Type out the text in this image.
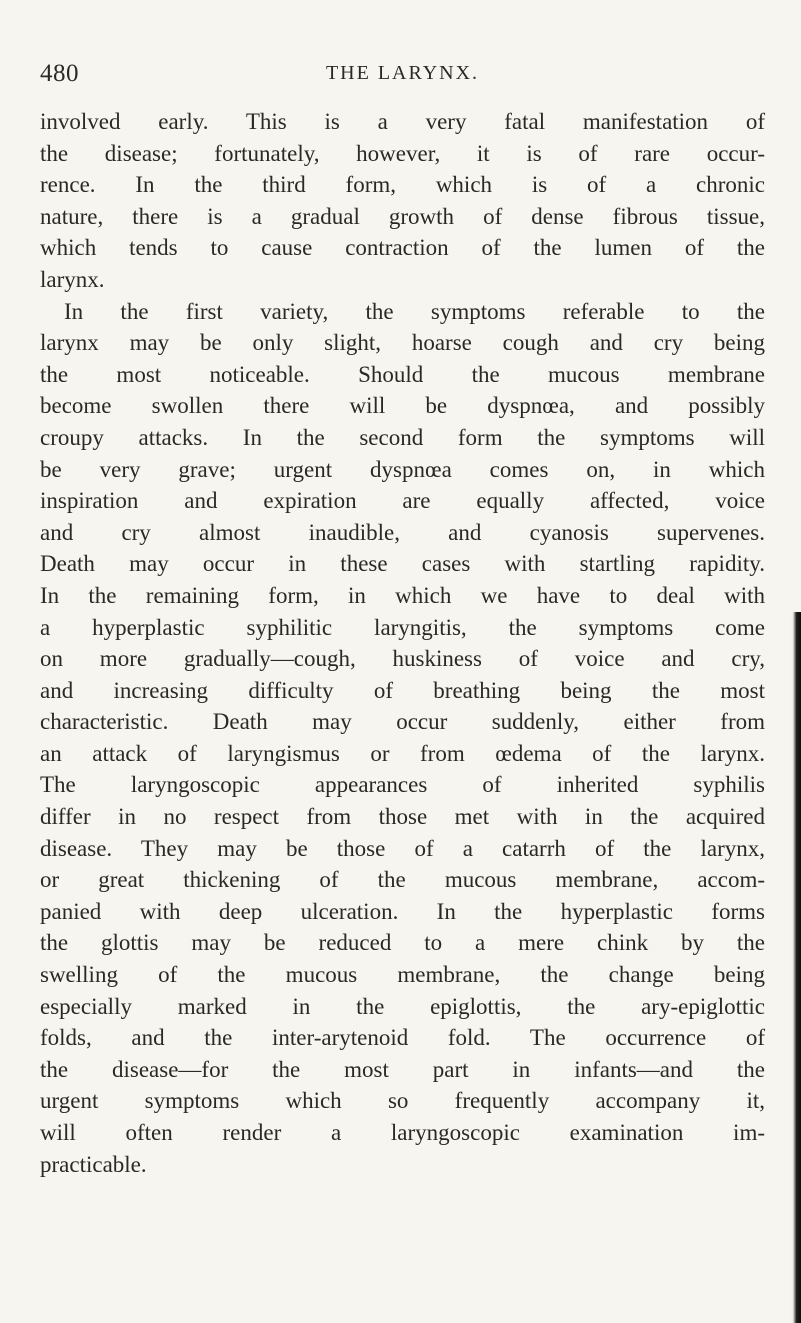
480	THE LARYNX.
involved early. This is a very fatal manifestation of
the disease; fortunately, however, it is of rare occur-
rence. In the third form, which is of a chronic
nature, there is a gradual growth of dense fibrous tissue,
which tends to cause contraction of the lumen of the
larynx.
In the first variety, the symptoms referable to the
larynx may be only slight, hoarse cough and cry being
the most noticeable. Should the mucous membrane
become swollen there will be dyspnœa, and possibly
croupy attacks. In the second form the symptoms will
be very grave; urgent dyspnœa comes on, in which
inspiration and expiration are equally affected, voice
and cry almost inaudible, and cyanosis supervenes.
Death may occur in these cases with startling rapidity.
In the remaining form, in which we have to deal with
a hyperplastic syphilitic laryngitis, the symptoms come
on more gradually—cough, huskiness of voice and cry,
and increasing difficulty of breathing being the most
characteristic. Death may occur suddenly, either from
an attack of laryngismus or from œdema of the larynx.
The laryngoscopic appearances of inherited syphilis
differ in no respect from those met with in the acquired
disease. They may be those of a catarrh of the larynx,
or great thickening of the mucous membrane, accom-
panied with deep ulceration. In the hyperplastic forms
the glottis may be reduced to a mere chink by the
swelling of the mucous membrane, the change being
especially marked in the epiglottis, the ary-epiglottic
folds, and the inter-arytenoid fold. The occurrence of
the disease—for the most part in infants—and the
urgent symptoms which so frequently accompany it,
will often render a laryngoscopic examination im-
practicable.
